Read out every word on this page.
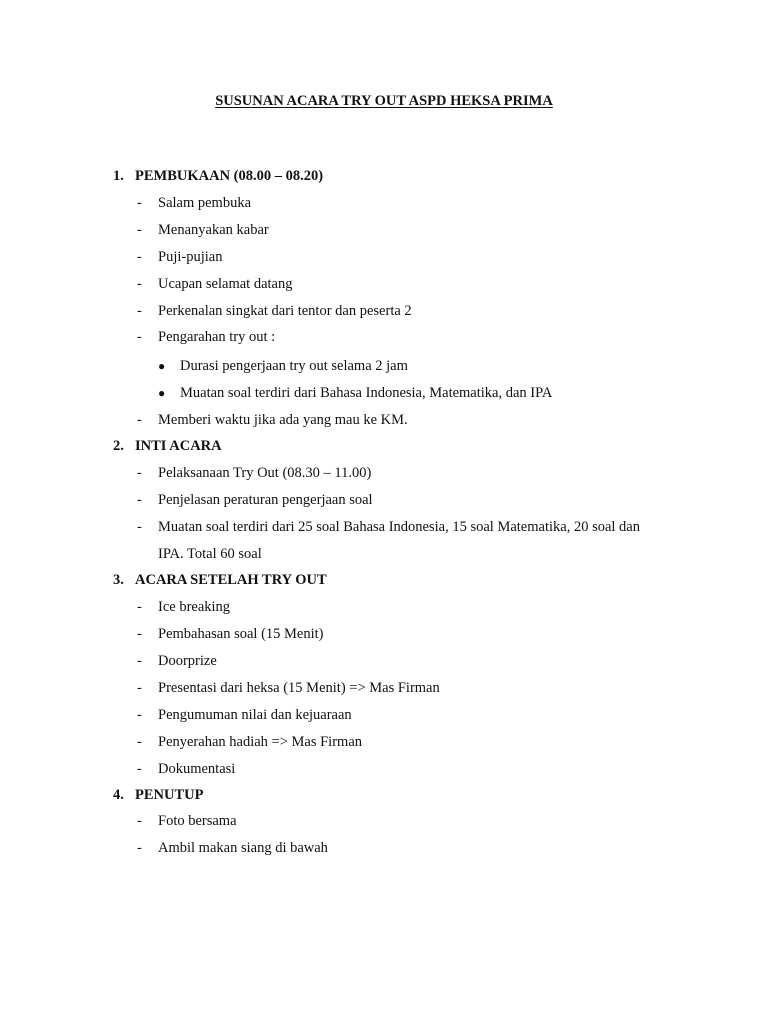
SUSUNAN ACARA TRY OUT ASPD HEKSA PRIMA
1. PEMBUKAAN (08.00 – 08.20)
- Salam pembuka
- Menanyakan kabar
- Puji-pujian
- Ucapan selamat datang
- Perkenalan singkat dari tentor dan peserta 2
- Pengarahan try out :
● Durasi pengerjaan try out selama 2 jam
● Muatan soal terdiri dari Bahasa Indonesia, Matematika, dan IPA
- Memberi waktu jika ada yang mau ke KM.
2. INTI ACARA
- Pelaksanaan Try Out (08.30 – 11.00)
- Penjelasan peraturan pengerjaan soal
- Muatan soal terdiri dari 25 soal Bahasa Indonesia, 15 soal Matematika, 20 soal dan
IPA. Total 60 soal
3. ACARA SETELAH TRY OUT
- Ice breaking
- Pembahasan soal (15 Menit)
- Doorprize
- Presentasi dari heksa (15 Menit) => Mas Firman
- Pengumuman nilai dan kejuaraan
- Penyerahan hadiah => Mas Firman
- Dokumentasi
4. PENUTUP
- Foto bersama
- Ambil makan siang di bawah
